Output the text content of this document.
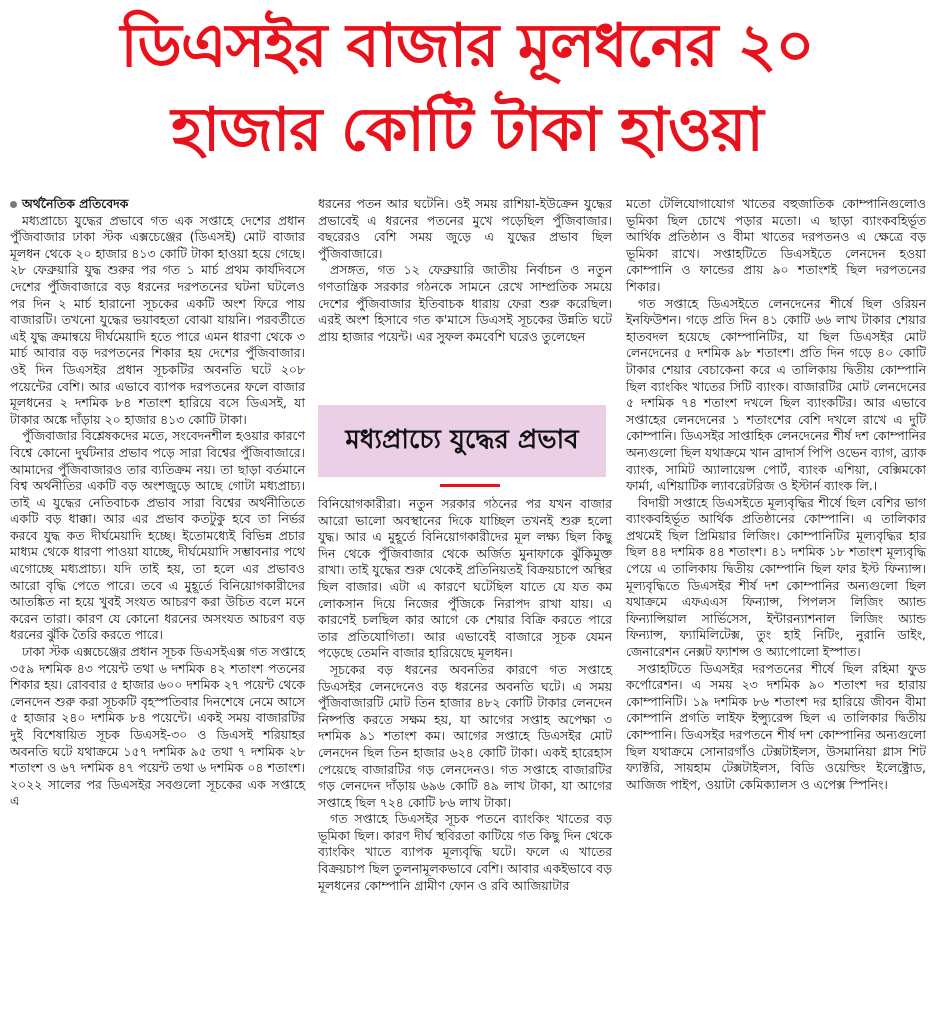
ডিএসইর বাজার মূলধনের ২০
হাজার কোটি টাকা হাওয়া
অর্থনৈতিক প্রতিবেদক

মধ্যপ্রাচ্যে যুদ্ধের প্রভাবে গত এক সপ্তাহে দেশের প্রধান পুঁজিবাজার ঢাকা স্টক এক্সচেঞ্জের (ডিএসই) মোট বাজার মূলধন থেকে ২০ হাজার ৪১৩ কোটি টাকা হাওয়া হয়ে গেছে। ২৮ ফেব্রুয়ারি যুদ্ধ শুরুর পর গত ১ মার্চ প্রথম কার্যদিবসে দেশের পুঁজিবাজারে বড় ধরনের দরপতনের ঘটনা ঘটলেও পর দিন ২ মার্চ হারানো সূচকের একটি অংশ ফিরে পায় বাজারটি। তখনো যুদ্ধের ভয়াবহতা বোঝা যায়নি। পরবর্তীতে এই যুদ্ধ ক্রমান্বয়ে দীর্ঘমেয়াদি হতে পারে এমন ধারণা থেকে ৩ মার্চ আবার বড় দরপতনের শিকার হয় দেশের পুঁজিবাজার। ওই দিন ডিএসইর প্রধান সূচকটির অবনতি ঘটে ২০৮ পয়েন্টের বেশি। আর এভাবে ব্যাপক দরপতনের ফলে বাজার মূলধনের ২ দশমিক ৮৪ শতাংশ হারিয়ে বসে ডিএসই, যা টাকার অঙ্কে দাঁড়ায় ২০ হাজার ৪১৩ কোটি টাকা।

পুঁজিবাজার বিশ্লেষকদের মতে, সংবেদনশীল হওয়ার কারণে বিশ্বে কোনো দুর্ঘটনার প্রভাব পড়ে সারা বিশ্বের পুঁজিবাজারে। আমাদের পুঁজিবাজারও তার ব্যতিক্রম নয়। তা ছাড়া বর্তমানে বিশ্ব অর্থনীতির একটি বড় অংশজুড়ে আছে গোটা মধ্যপ্রাচ্য। তাই এ যুদ্ধের নেতিবাচক প্রভাব সারা বিশ্বের অর্থনীতিতে একটি বড় ধাক্কা। আর এর প্রভাব কতটুকু হবে তা নির্ভর করবে যুদ্ধ কত দীর্ঘমেয়াদি হচ্ছে। ইতোমধ্যেই বিভিন্ন প্রচার মাধ্যম থেকে ধারণা পাওয়া যাচ্ছে, দীর্ঘমেয়াদি সম্ভাবনার পথে এগোচ্ছে মধ্যপ্রাচ্য। যদি তাই হয়, তা হলে এর প্রভাবও আরো বৃদ্ধি পেতে পারে। তবে এ মুহূর্তে বিনিয়োগকারীদের আতঙ্কিত না হয়ে খুবই সংযত আচরণ করা উচিত বলে মনে করেন তারা। কারণ যে কোনো ধরনের অসংযত আচরণ বড় ধরনের ঝুঁকি তৈরি করতে পারে।

ঢাকা স্টক এক্সচেঞ্জের প্রধান সূচক ডিএসইএক্স গত সপ্তাহে ৩৫৯ দশমিক ৪৩ পয়েন্ট তথা ৬ দশমিক ৪২ শতাংশ পতনের শিকার হয়। রোববার ৫ হাজার ৬০০ দশমিক ২৭ পয়েন্ট থেকে লেনদেন শুরু করা সূচকটি বৃহস্পতিবার দিনশেষে নেমে আসে ৫ হাজার ২৪০ দশমিক ৮৪ পয়েন্টে। একই সময় বাজারটির দুই বিশেষায়িত সূচক ডিএসই-৩০ ও ডিএসই শরিয়াহর অবনতি ঘটে যথাক্রমে ১৫৭ দশমিক ৯৫ তথা ৭ দশমিক ২৮ শতাংশ ও ৬৭ দশমিক ৪৭ পয়েন্ট তথা ৬ দশমিক ০৪ শতাংশ। ২০২২ সালের পর ডিএসইর সবগুলো সূচকের এক সপ্তাহে এ

ধরনের পতন আর ঘটেনি। ওই সময় রাশিয়া-ইউক্রেন যুদ্ধের প্রভাবেই এ ধরনের পতনের মুখে পড়েছিল পুঁজিবাজার। বছরেরও বেশি সময় জুড়ে এ যুদ্ধের প্রভাব ছিল পুঁজিবাজারে।

প্রসঙ্গত, গত ১২ ফেব্রুয়ারি জাতীয় নির্বাচন ও নতুন গণতান্ত্রিক সরকার গঠনকে সামনে রেখে সাম্প্রতিক সময়ে দেশের পুঁজিবাজার ইতিবাচক ধারায় ফেরা শুরু করেছিল। এরই অংশ হিসাবে গত ক'মাসে ডিএসই সূচকের উন্নতি ঘটে প্রায় হাজার পয়েন্ট। এর সুফল কমবেশি ঘরেও তুলেছেন

মধ্যপ্রাচ্যে যুদ্ধের প্রভাব

বিনিয়োগকারীরা। নতুন সরকার গঠনের পর যখন বাজার আরো ভালো অবস্থানের দিকে যাচ্ছিল তখনই শুরু হলো যুদ্ধ। আর এ মুহূর্তে বিনিয়োগকারীদের মূল লক্ষ্য ছিল কিছু দিন থেকে পুঁজিবাজার থেকে অর্জিত মুনাফাকে ঝুঁকিমুক্ত রাখা। তাই যুদ্ধের শুরু থেকেই প্রতিনিয়তই বিক্রয়চাপে অস্থির ছিল বাজার। এটা এ কারণে ঘটেছিল যাতে যে যত কম লোকসান দিয়ে নিজের পুঁজিকে নিরাপদ রাখা যায়। এ কারণেই চলছিল কার আগে কে শেয়ার বিক্রি করতে পারে তার প্রতিযোগিতা। আর এভাবেই বাজারে সূচক যেমন পড়েছে তেমনি বাজার হারিয়েছে মূলধন।

সূচকের বড় ধরনের অবনতির কারণে গত সপ্তাহে ডিএসইর লেনদেনেও বড় ধরনের অবনতি ঘটে। এ সময় পুঁজিবাজারটি মোট তিন হাজার ৪৮২ কোটি টাকার লেনদেন নিষ্পত্তি করতে সক্ষম হয়, যা আগের সপ্তাহ অপেক্ষা ৩ দশমিক ৯১ শতাংশ কম। আগের সপ্তাহে ডিএসইর মোট লেনদেন ছিল তিন হাজার ৬২৪ কোটি টাকা। একই হারেহাস পেয়েছে বাজারটির গড় লেনদেনও। গত সপ্তাহে বাজারটির গড় লেনদেন দাঁড়ায় ৬৯৬ কোটি ৪৯ লাখ টাকা, যা আগের সপ্তাহে ছিল ৭২৪ কোটি ৮৬ লাখ টাকা।

গত সপ্তাহে ডিএসইর সূচক পতনে ব্যাংকিং খাতের বড় ভূমিকা ছিল। কারণ দীর্ঘ স্থবিরতা কাটিয়ে গত কিছু দিন থেকে ব্যাংকিং খাতে ব্যাপক মূল্যবৃদ্ধি ঘটে। ফলে এ খাতের বিক্রয়চাপ ছিল তুলনামূলকভাবে বেশি। আবার একইভাবে বড় মূলধনের কোম্পানি গ্রামীণ ফোন ও রবি আজিয়াটার

মতো টেলিযোগাযোগ খাতের বহুজাতিক কোম্পানিগুলোও ভূমিকা ছিল চোখে পড়ার মতো। এ ছাড়া ব্যাংকবহির্ভূত আর্থিক প্রতিষ্ঠান ও বীমা খাতের দরপতনও এ ক্ষেত্রে বড় ভূমিকা রাখে। সপ্তাহটিতে ডিএসইতে লেনদেন হওয়া কোম্পানি ও ফান্ডের প্রায় ৯০ শতাংশই ছিল দরপতনের শিকার।

গত সপ্তাহে ডিএসইতে লেনদেনের শীর্ষে ছিল ওরিয়ন ইনফিউশন। গড়ে প্রতি দিন ৪১ কোটি ৬৬ লাখ টাকার শেয়ার হাতবদল হয়েছে কোম্পানিটির, যা ছিল ডিএসইর মোট লেনদেনের ৫ দশমিক ৯৮ শতাংশ। প্রতি দিন গড়ে ৪০ কোটি টাকার শেয়ার বেচাকেনা করে এ তালিকায় দ্বিতীয় কোম্পানি ছিল ব্যাংকিং খাতের সিটি ব্যাংক। বাজারটির মোট লেনদেনের ৫ দশমিক ৭৪ শতাংশ দখলে ছিল ব্যাংকটির। আর এভাবে সপ্তাহের লেনদেনের ১ শতাংশের বেশি দখলে রাখে এ দুটি কোম্পানি। ডিএসইর সাপ্তাহিক লেনদেনের শীর্ষ দশ কোম্পানির অন্যগুলো ছিল যথাক্রমে খান ব্রাদার্স পিপি ওভেন ব্যাগ, ব্র্যাক ব্যাংক, সামিট অ্যালায়েন্স পোর্ট, ব্যাংক এশিয়া, বেক্সিমকো ফার্মা, এশিয়াটিক ল্যাবরেটরিজ ও ইস্টার্ন ব্যাংক লি.।

বিদায়ী সপ্তাহে ডিএসইতে মূল্যবৃদ্ধির শীর্ষে ছিল বেশির ভাগ ব্যাংকবহির্ভূত আর্থিক প্রতিষ্ঠানের কোম্পানি। এ তালিকার প্রথমেই ছিল প্রিমিয়ার লিজিং। কোম্পানিটির মূল্যবৃদ্ধির হার ছিল ৪৪ দশমিক ৪৪ শতাংশ। ৪১ দশমিক ১৮ শতাংশ মূল্যবৃদ্ধি পেয়ে এ তালিকায় দ্বিতীয় কোম্পানি ছিল ফার ইস্ট ফিন্যান্স। মূল্যবৃদ্ধিতে ডিএসইর শীর্ষ দশ কোম্পানির অন্যগুলো ছিল যথাক্রমে এফএএস ফিন্যান্স, পিপলস লিজিং অ্যান্ড ফিন্যান্সিয়াল সার্ভিসেস, ইন্টারন্যাশনাল লিজিং অ্যান্ড ফিন্যান্স, ফ্যামিলিটেক্স, তুং হাই নিটিং, নুরানি ডাইং, জেনারেশন নেক্সট ফ্যাশন্স ও অ্যাপোলো ইস্পাত।

সপ্তাহটিতে ডিএসইর দরপতনের শীর্ষে ছিল রহিমা ফুড কর্পোরেশন। এ সময় ২৩ দশমিক ৯০ শতাংশ দর হারায় কোম্পানিটি। ১৯ দশমিক ৮৬ শতাংশ দর হারিয়ে জীবন বীমা কোম্পানি প্রগতি লাইফ ইন্স্যুরেন্স ছিল এ তালিকার দ্বিতীয় কোম্পানি। ডিএসইর দরপতনে শীর্ষ দশ কোম্পানির অন্যগুলো ছিল যথাক্রমে সোনারগাঁও টেক্সটাইলস, উসমানিয়া গ্লাস শিট ফ্যাক্টরি, সায়হাম টেক্সটাইলস, বিডি ওয়েল্ডিং ইলেক্ট্রোড, আজিজ পাইপ, ওয়াটা কেমিক্যালস ও এপেক্স স্পিনিং।
